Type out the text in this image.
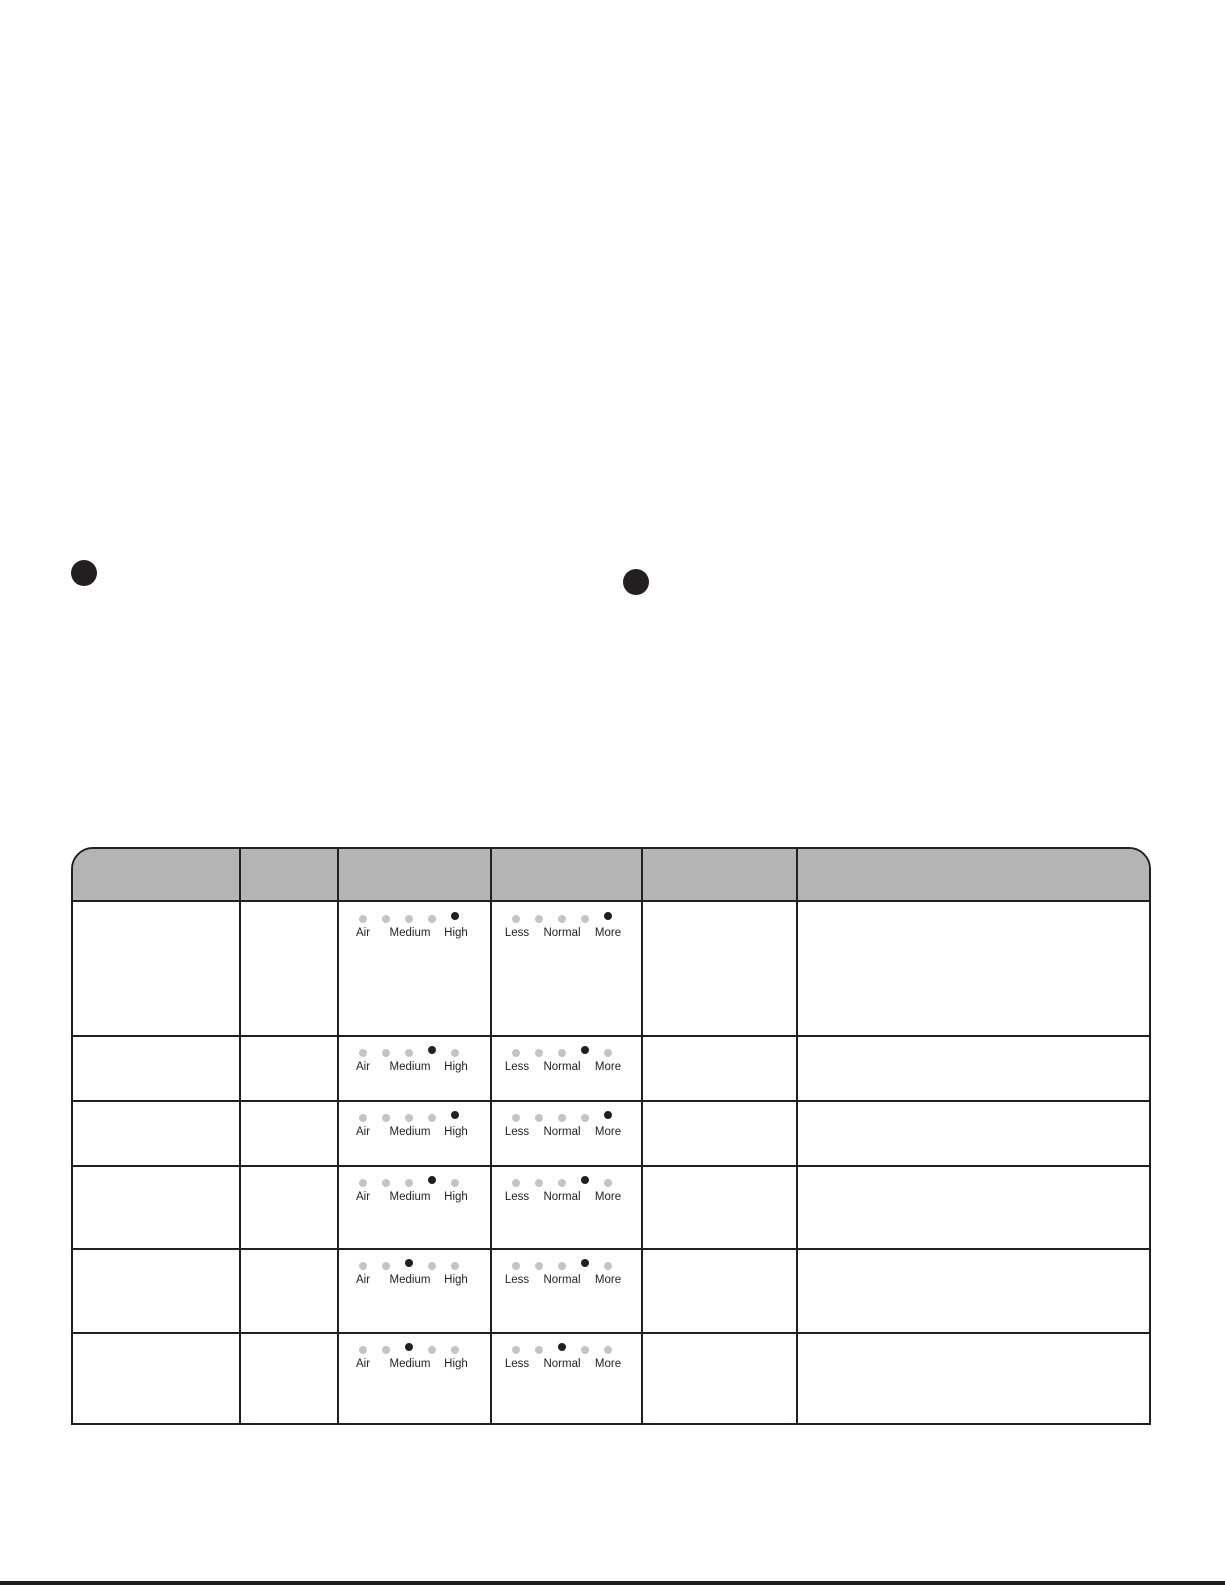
Air Medium High	Less Normal More
Air Medium High	Less Normal More
Air Medium High	Less Normal More
Air Medium High	Less Normal More
Air Medium High	Less Normal More
Air Medium High	Less Normal More
